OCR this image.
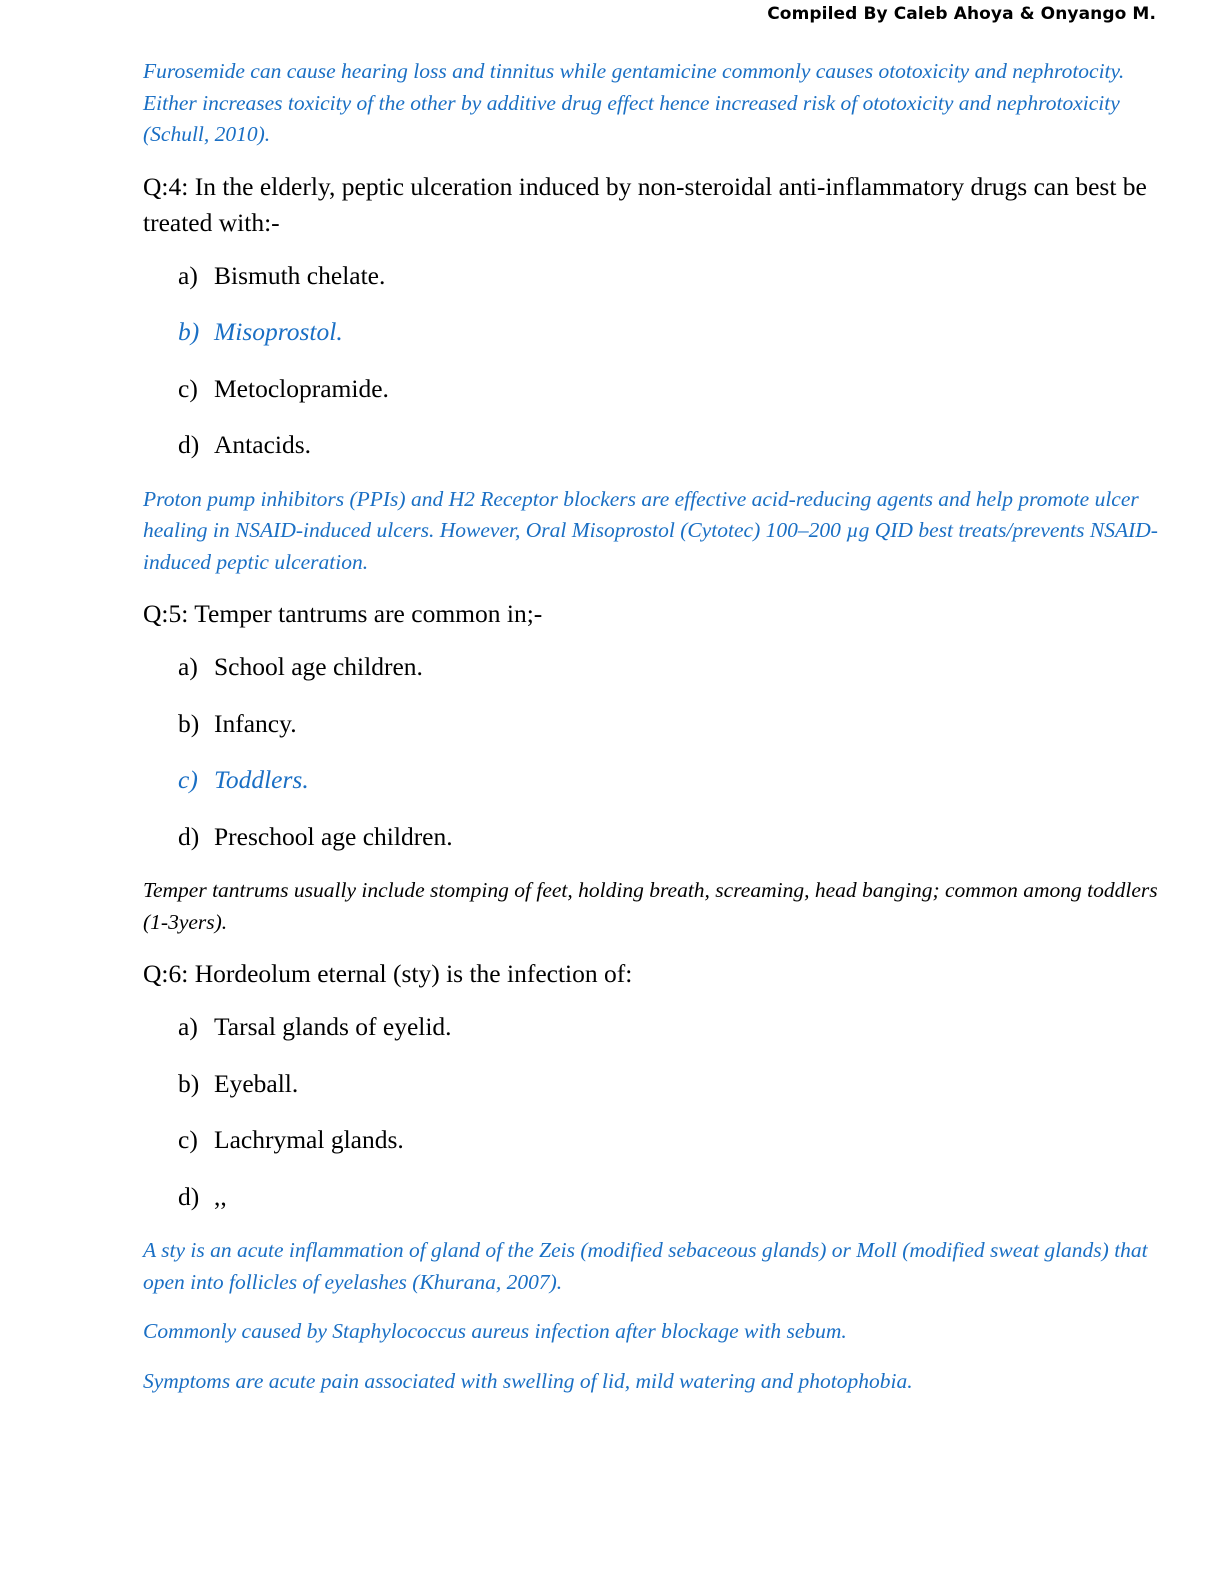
Compiled By Caleb Ahoya & Onyango M.

Furosemide can cause hearing loss and tinnitus while gentamicine commonly causes ototoxicity and nephrotocity. Either increases toxicity of the other by additive drug effect hence increased risk of ototoxicity and nephrotoxicity (Schull, 2010).

Q:4: In the elderly, peptic ulceration induced by non-steroidal anti-inflammatory drugs can best be treated with:-

a) Bismuth chelate.
b) Misoprostol.
c) Metoclopramide.
d) Antacids.

Proton pump inhibitors (PPIs) and H2 Receptor blockers are effective acid-reducing agents and help promote ulcer healing in NSAID-induced ulcers. However, Oral Misoprostol (Cytotec) 100–200 µg QID best treats/prevents NSAID-induced peptic ulceration.

Q:5: Temper tantrums are common in;-

a) School age children.
b) Infancy.
c) Toddlers.
d) Preschool age children.

Temper tantrums usually include stomping of feet, holding breath, screaming, head banging; common among toddlers (1-3yers).

Q:6: Hordeolum eternal (sty) is the infection of:

a) Tarsal glands of eyelid.
b) Eyeball.
c) Lachrymal glands.
d) ,,

A sty is an acute inflammation of gland of the Zeis (modified sebaceous glands) or Moll (modified sweat glands) that open into follicles of eyelashes (Khurana, 2007).

Commonly caused by Staphylococcus aureus infection after blockage with sebum.

Symptoms are acute pain associated with swelling of lid, mild watering and photophobia.
